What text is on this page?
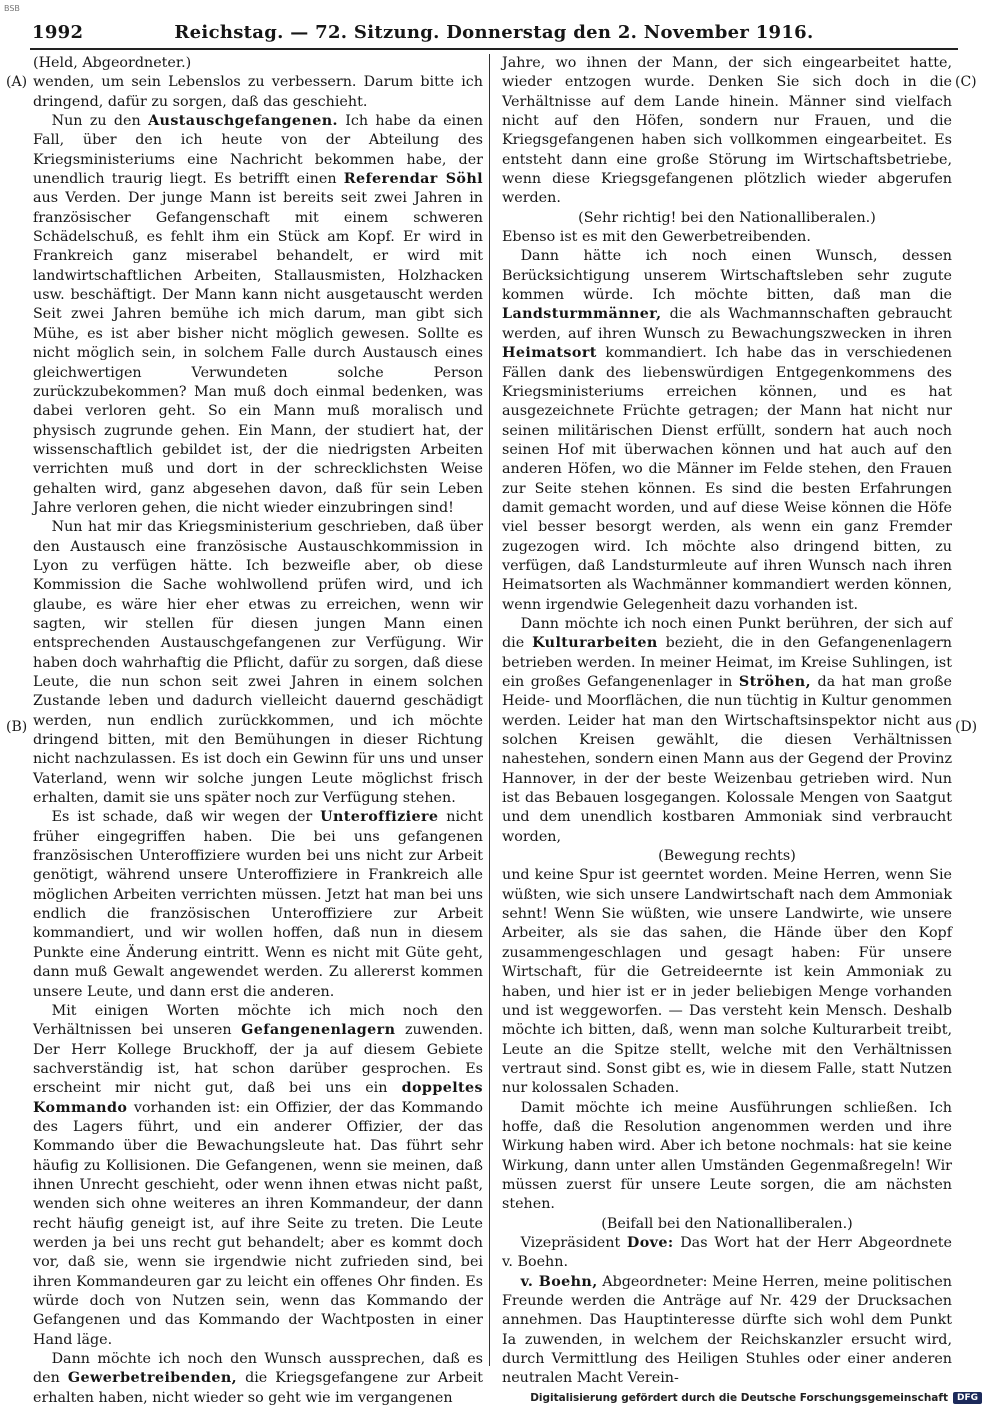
BSB
1992	Reichstag. — 72. Sitzung. Donnerstag den 2. November 1916.
(A)
(B)
(C)
(D)

(Held, Abgeordneter.)

wenden, um sein Lebenslos zu verbessern. Darum bitte ich dringend, dafür zu sorgen, daß das geschieht.

Nun zu den Austauschgefangenen. Ich habe da einen Fall, über den ich heute von der Abteilung des Kriegsministeriums eine Nachricht bekommen habe, der unendlich traurig liegt. Es betrifft einen Referendar Söhl aus Verden. Der junge Mann ist bereits seit zwei Jahren in französischer Gefangenschaft mit einem schweren Schädelschuß, es fehlt ihm ein Stück am Kopf. Er wird in Frankreich ganz miserabel behandelt, er wird mit landwirtschaftlichen Arbeiten, Stallausmisten, Holzhacken usw. beschäftigt. Der Mann kann nicht ausgetauscht werden Seit zwei Jahren bemühe ich mich darum, man gibt sich Mühe, es ist aber bisher nicht möglich gewesen. Sollte es nicht möglich sein, in solchem Falle durch Austausch eines gleichwertigen Verwundeten solche Person zurückzubekommen? Man muß doch einmal bedenken, was dabei verloren geht. So ein Mann muß moralisch und physisch zugrunde gehen. Ein Mann, der studiert hat, der wissenschaftlich gebildet ist, der die niedrigsten Arbeiten verrichten muß und dort in der schrecklichsten Weise gehalten wird, ganz abgesehen davon, daß für sein Leben Jahre verloren gehen, die nicht wieder einzubringen sind!

Nun hat mir das Kriegsministerium geschrieben, daß über den Austausch eine französische Austauschkommission in Lyon zu verfügen hätte. Ich bezweifle aber, ob diese Kommission die Sache wohlwollend prüfen wird, und ich glaube, es wäre hier eher etwas zu erreichen, wenn wir sagten, wir stellen für diesen jungen Mann einen entsprechenden Austauschgefangenen zur Verfügung. Wir haben doch wahrhaftig die Pflicht, dafür zu sorgen, daß diese Leute, die nun schon seit zwei Jahren in einem solchen Zustande leben und dadurch vielleicht dauernd geschädigt werden, nun endlich zurückkommen, und ich möchte dringend bitten, mit den Bemühungen in dieser Richtung nicht nachzulassen. Es ist doch ein Gewinn für uns und unser Vaterland, wenn wir solche jungen Leute möglichst frisch erhalten, damit sie uns später noch zur Verfügung stehen.

Es ist schade, daß wir wegen der Unteroffiziere nicht früher eingegriffen haben. Die bei uns gefangenen französischen Unteroffiziere wurden bei uns nicht zur Arbeit genötigt, während unsere Unteroffiziere in Frankreich alle möglichen Arbeiten verrichten müssen. Jetzt hat man bei uns endlich die französischen Unteroffiziere zur Arbeit kommandiert, und wir wollen hoffen, daß nun in diesem Punkte eine Änderung eintritt. Wenn es nicht mit Güte geht, dann muß Gewalt angewendet werden. Zu allererst kommen unsere Leute, und dann erst die anderen.

Mit einigen Worten möchte ich mich noch den Verhältnissen bei unseren Gefangenenlagern zuwenden. Der Herr Kollege Bruckhoff, der ja auf diesem Gebiete sachverständig ist, hat schon darüber gesprochen. Es erscheint mir nicht gut, daß bei uns ein doppeltes Kommando vorhanden ist: ein Offizier, der das Kommando des Lagers führt, und ein anderer Offizier, der das Kommando über die Bewachungsleute hat. Das führt sehr häufig zu Kollisionen. Die Gefangenen, wenn sie meinen, daß ihnen Unrecht geschieht, oder wenn ihnen etwas nicht paßt, wenden sich ohne weiteres an ihren Kommandeur, der dann recht häufig geneigt ist, auf ihre Seite zu treten. Die Leute werden ja bei uns recht gut behandelt; aber es kommt doch vor, daß sie, wenn sie irgendwie nicht zufrieden sind, bei ihren Kommandeuren gar zu leicht ein offenes Ohr finden. Es würde doch von Nutzen sein, wenn das Kommando der Gefangenen und das Kommando der Wachtposten in einer Hand läge.

Dann möchte ich noch den Wunsch aussprechen, daß es den Gewerbetreibenden, die Kriegsgefangene zur Arbeit erhalten haben, nicht wieder so geht wie im vergangenen

Jahre, wo ihnen der Mann, der sich eingearbeitet hatte, wieder entzogen wurde. Denken Sie sich doch in die Verhältnisse auf dem Lande hinein. Männer sind vielfach nicht auf den Höfen, sondern nur Frauen, und die Kriegsgefangenen haben sich vollkommen eingearbeitet. Es entsteht dann eine große Störung im Wirtschaftsbetriebe, wenn diese Kriegsgefangenen plötzlich wieder abgerufen werden.

(Sehr richtig! bei den Nationalliberalen.)

Ebenso ist es mit den Gewerbetreibenden.

Dann hätte ich noch einen Wunsch, dessen Berücksichtigung unserem Wirtschaftsleben sehr zugute kommen würde. Ich möchte bitten, daß man die Landsturmmänner, die als Wachmannschaften gebraucht werden, auf ihren Wunsch zu Bewachungszwecken in ihren Heimatsort kommandiert. Ich habe das in verschiedenen Fällen dank des liebenswürdigen Entgegenkommens des Kriegsministeriums erreichen können, und es hat ausgezeichnete Früchte getragen; der Mann hat nicht nur seinen militärischen Dienst erfüllt, sondern hat auch noch seinen Hof mit überwachen können und hat auch auf den anderen Höfen, wo die Männer im Felde stehen, den Frauen zur Seite stehen können. Es sind die besten Erfahrungen damit gemacht worden, und auf diese Weise können die Höfe viel besser besorgt werden, als wenn ein ganz Fremder zugezogen wird. Ich möchte also dringend bitten, zu verfügen, daß Landsturmleute auf ihren Wunsch nach ihren Heimatsorten als Wachmänner kommandiert werden können, wenn irgendwie Gelegenheit dazu vorhanden ist.

Dann möchte ich noch einen Punkt berühren, der sich auf die Kulturarbeiten bezieht, die in den Gefangenenlagern betrieben werden. In meiner Heimat, im Kreise Suhlingen, ist ein großes Gefangenenlager in Ströhen, da hat man große Heide- und Moorflächen, die nun tüchtig in Kultur genommen werden. Leider hat man den Wirtschaftsinspektor nicht aus solchen Kreisen gewählt, die diesen Verhältnissen nahestehen, sondern einen Mann aus der Gegend der Provinz Hannover, in der der beste Weizenbau getrieben wird. Nun ist das Bebauen losgegangen. Kolossale Mengen von Saatgut und dem unendlich kostbaren Ammoniak sind verbraucht worden,

(Bewegung rechts)

und keine Spur ist geerntet worden. Meine Herren, wenn Sie wüßten, wie sich unsere Landwirtschaft nach dem Ammoniak sehnt! Wenn Sie wüßten, wie unsere Landwirte, wie unsere Arbeiter, als sie das sahen, die Hände über den Kopf zusammengeschlagen und gesagt haben: Für unsere Wirtschaft, für die Getreideernte ist kein Ammoniak zu haben, und hier ist er in jeder beliebigen Menge vorhanden und ist weggeworfen. — Das versteht kein Mensch. Deshalb möchte ich bitten, daß, wenn man solche Kulturarbeit treibt, Leute an die Spitze stellt, welche mit den Verhältnissen vertraut sind. Sonst gibt es, wie in diesem Falle, statt Nutzen nur kolossalen Schaden.

Damit möchte ich meine Ausführungen schließen. Ich hoffe, daß die Resolution angenommen werden und ihre Wirkung haben wird. Aber ich betone nochmals: hat sie keine Wirkung, dann unter allen Umständen Gegenmaßregeln! Wir müssen zuerst für unsere Leute sorgen, die am nächsten stehen.

(Beifall bei den Nationalliberalen.)

Vizepräsident Dove: Das Wort hat der Herr Abgeordnete v. Boehn.

v. Boehn, Abgeordneter: Meine Herren, meine politischen Freunde werden die Anträge auf Nr. 429 der Drucksachen annehmen. Das Hauptinteresse dürfte sich wohl dem Punkt Ia zuwenden, in welchem der Reichskanzler ersucht wird, durch Vermittlung des Heiligen Stuhles oder einer anderen neutralen Macht Verein-

Digitalisierung gefördert durch die Deutsche Forschungsgemeinschaft	DFG
